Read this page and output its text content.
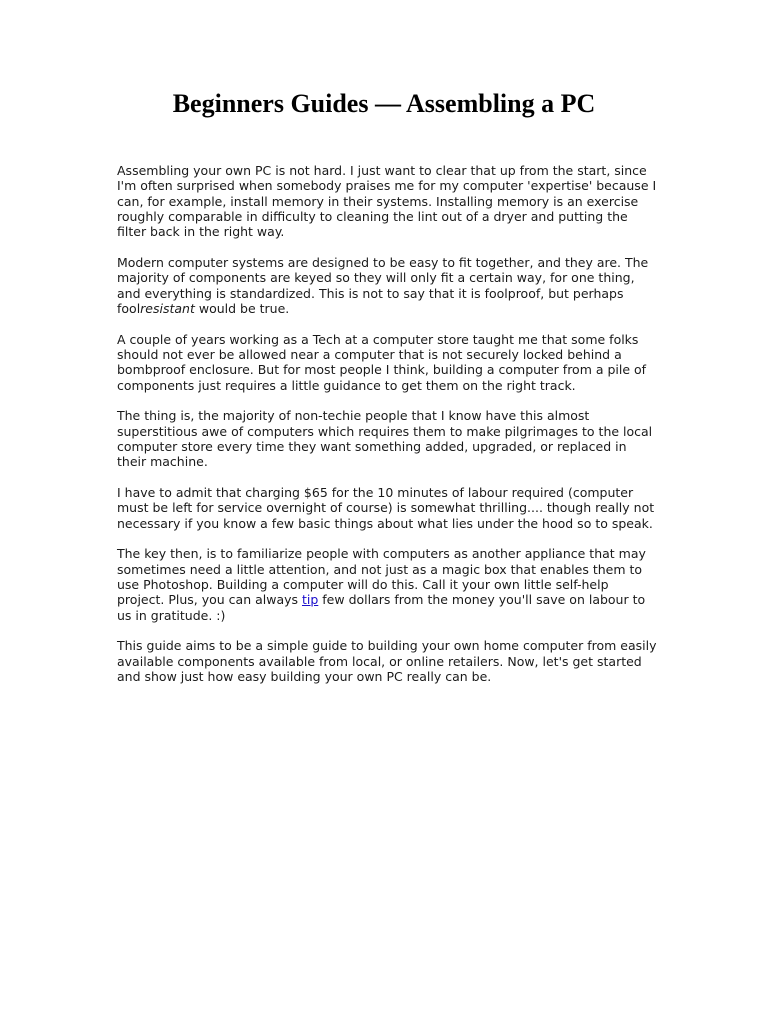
Beginners Guides — Assembling a PC

Assembling your own PC is not hard. I just want to clear that up from the start, since I'm often surprised when somebody praises me for my computer 'expertise' because I can, for example, install memory in their systems. Installing memory is an exercise roughly comparable in difficulty to cleaning the lint out of a dryer and putting the filter back in the right way.

Modern computer systems are designed to be easy to fit together, and they are. The majority of components are keyed so they will only fit a certain way, for one thing, and everything is standardized. This is not to say that it is foolproof, but perhaps foolresistant would be true.

A couple of years working as a Tech at a computer store taught me that some folks should not ever be allowed near a computer that is not securely locked behind a bombproof enclosure. But for most people I think, building a computer from a pile of components just requires a little guidance to get them on the right track.

The thing is, the majority of non-techie people that I know have this almost superstitious awe of computers which requires them to make pilgrimages to the local computer store every time they want something added, upgraded, or replaced in their machine.

I have to admit that charging $65 for the 10 minutes of labour required (computer must be left for service overnight of course) is somewhat thrilling.... though really not necessary if you know a few basic things about what lies under the hood so to speak.

The key then, is to familiarize people with computers as another appliance that may sometimes need a little attention, and not just as a magic box that enables them to use Photoshop. Building a computer will do this. Call it your own little self-help project. Plus, you can always tip few dollars from the money you'll save on labour to us in gratitude. :)

This guide aims to be a simple guide to building your own home computer from easily available components available from local, or online retailers. Now, let's get started and show just how easy building your own PC really can be.
